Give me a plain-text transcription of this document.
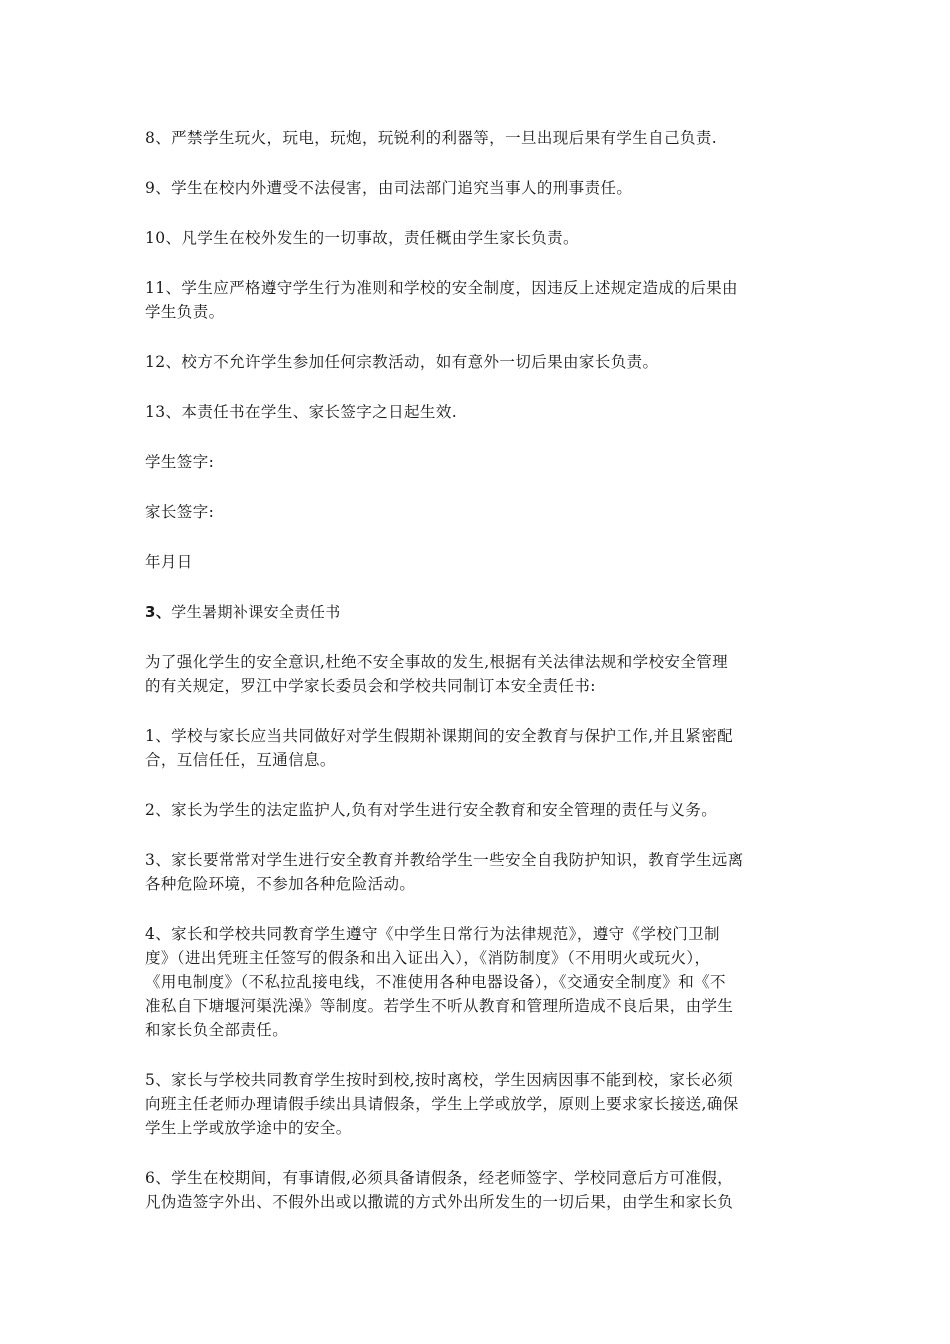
8、严禁学生玩火，玩电，玩炮，玩锐利的利器等，一旦出现后果有学生自己负责.
9、学生在校内外遭受不法侵害，由司法部门追究当事人的刑事责任。
10、凡学生在校外发生的一切事故，责任概由学生家长负责。
11、学生应严格遵守学生行为准则和学校的安全制度，因违反上述规定造成的后果由
学生负责。
12、校方不允许学生参加任何宗教活动，如有意外一切后果由家长负责。
13、本责任书在学生、家长签字之日起生效.
学生签字:
家长签字:
年月日
3、学生暑期补课安全责任书
为了强化学生的安全意识,杜绝不安全事故的发生,根据有关法律法规和学校安全管理
的有关规定，罗江中学家长委员会和学校共同制订本安全责任书:
1、学校与家长应当共同做好对学生假期补课期间的安全教育与保护工作,并且紧密配
合，互信任任，互通信息。
2、家长为学生的法定监护人,负有对学生进行安全教育和安全管理的责任与义务。
3、家长要常常对学生进行安全教育并教给学生一些安全自我防护知识，教育学生远离
各种危险环境，不参加各种危险活动。
4、家长和学校共同教育学生遵守《中学生日常行为法律规范》，遵守《学校门卫制
度》（进出凭班主任签写的假条和出入证出入），《消防制度》（不用明火或玩火），
《用电制度》（不私拉乱接电线，不准使用各种电器设备），《交通安全制度》和《不
准私自下塘堰河渠洗澡》等制度。若学生不听从教育和管理所造成不良后果，由学生
和家长负全部责任。
5、家长与学校共同教育学生按时到校,按时离校，学生因病因事不能到校，家长必须
向班主任老师办理请假手续出具请假条，学生上学或放学，原则上要求家长接送,确保
学生上学或放学途中的安全。
6、学生在校期间，有事请假,必须具备请假条，经老师签字、学校同意后方可准假，
凡伪造签字外出、不假外出或以撒谎的方式外出所发生的一切后果，由学生和家长负
